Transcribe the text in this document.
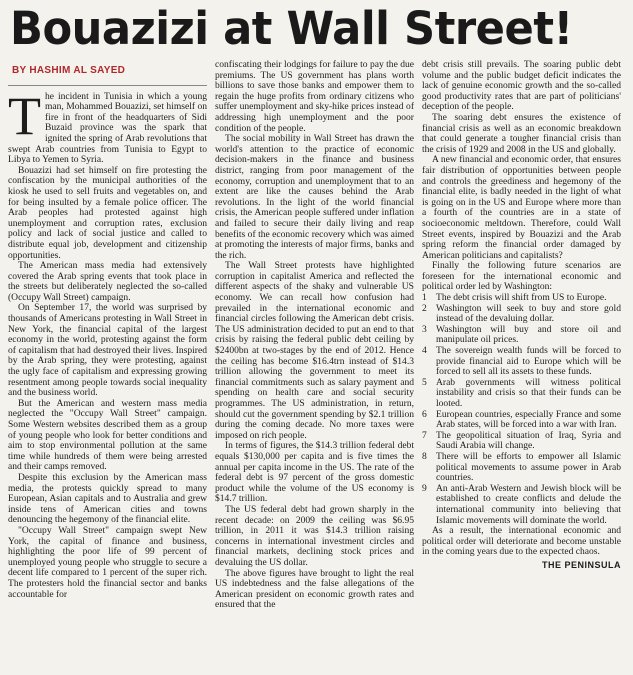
Bouazizi at Wall Street!
BY HASHIM AL SAYED

The incident in Tunisia in which a young man, Mohammed Bouazizi, set himself on fire in front of the headquarters of Sidi Buzaid province was the spark that ignited the spring of Arab revolutions that swept Arab countries from Tunisia to Egypt to Libya to Yemen to Syria.

Bouazizi had set himself on fire protesting the confiscation by the municipal authorities of the kiosk he used to sell fruits and vegetables on, and for being insulted by a female police officer. The Arab peoples had protested against high unemployment and corruption rates, exclusion policy and lack of social justice and called to distribute equal job, development and citizenship opportunities.

The American mass media had extensively covered the Arab spring events that took place in the streets but deliberately neglected the so-called (Occupy Wall Street) campaign.

On September 17, the world was surprised by thousands of Americans protesting in Wall Street in New York, the financial capital of the largest economy in the world, protesting against the form of capitalism that had destroyed their lives. Inspired by the Arab spring, they were protesting, against the ugly face of capitalism and expressing growing resentment among people towards social inequality and the business world.

But the American and western mass media neglected the "Occupy Wall Street" campaign. Some Western websites described them as a group of young people who look for better conditions and aim to stop environmental pollution at the same time while hundreds of them were being arrested and their camps removed.

Despite this exclusion by the American mass media, the protests quickly spread to many European, Asian capitals and to Australia and grew inside tens of American cities and towns denouncing the hegemony of the financial elite.

"Occupy Wall Street" campaign swept New York, the capital of finance and business, highlighting the poor life of 99 percent of unemployed young people who struggle to secure a decent life compared to 1 percent of the super rich. The protesters hold the financial sector and banks accountable for

confiscating their lodgings for failure to pay the due premiums. The US government has plans worth billions to save those banks and empower them to regain the huge profits from ordinary citizens who suffer unemployment and sky-hike prices instead of addressing high unemployment and the poor condition of the people.

The social mobility in Wall Street has drawn the world's attention to the practice of economic decision-makers in the finance and business district, ranging from poor management of the economy, corruption and unemployment that to an extent are like the causes behind the Arab revolutions. In the light of the world financial crisis, the American people suffered under inflation and failed to secure their daily living and reap benefits of the economic recovery which was aimed at promoting the interests of major firms, banks and the rich.

The Wall Street protests have highlighted corruption in capitalist America and reflected the different aspects of the shaky and vulnerable US economy. We can recall how confusion had prevailed in the international economic and financial circles following the American debt crisis. The US administration decided to put an end to that crisis by raising the federal public debt ceiling by $2400bn at two-stages by the end of 2012. Hence the ceiling has become $16.4trn instead of $14.3 trillion allowing the government to meet its financial commitments such as salary payment and spending on health care and social security programmes. The US administration, in return, should cut the government spending by $2.1 trillion during the coming decade. No more taxes were imposed on rich people.

In terms of figures, the $14.3 trillion federal debt equals $130,000 per capita and is five times the annual per capita income in the US. The rate of the federal debt is 97 percent of the gross domestic product while the volume of the US economy is $14.7 trillion.

The US federal debt had grown sharply in the recent decade: on 2009 the ceiling was $6.95 trillion, in 2011 it was $14.3 trillion raising concerns in international investment circles and financial markets, declining stock prices and devaluing the US dollar.

The above figures have brought to light the real US indebtedness and the false allegations of the American president on economic growth rates and ensured that the

debt crisis still prevails. The soaring public debt volume and the public budget deficit indicates the lack of genuine economic growth and the so-called good productivity rates that are part of politicians' deception of the people.

The soaring debt ensures the existence of financial crisis as well as an economic breakdown that could generate a tougher financial crisis than the crisis of 1929 and 2008 in the US and globally.

A new financial and economic order, that ensures fair distribution of opportunities between people and controls the greediness and hegemony of the financial elite, is badly needed in the light of what is going on in the US and Europe where more than a fourth of the countries are in a state of socioeconomic meltdown. Therefore, could Wall Street events, inspired by Bouazizi and the Arab spring reform the financial order damaged by American politicians and capitalists?

Finally the following future scenarios are foreseen for the international economic and political order led by Washington:

1 The debt crisis will shift from US to Europe.
2 Washington will seek to buy and store gold instead of the devaluing dollar.
3 Washington will buy and store oil and manipulate oil prices.
4 The sovereign wealth funds will be forced to provide financial aid to Europe which will be forced to sell all its assets to these funds.
5 Arab governments will witness political instability and crisis so that their funds can be looted.
6 European countries, especially France and some Arab states, will be forced into a war with Iran.
7 The geopolitical situation of Iraq, Syria and Saudi Arabia will change.
8 There will be efforts to empower all Islamic political movements to assume power in Arab countries.
9 An anti-Arab Western and Jewish block will be established to create conflicts and delude the international community into believing that Islamic movements will dominate the world.

As a result, the international economic and political order will deteriorate and become unstable in the coming years due to the expected chaos.

THE PENINSULA
